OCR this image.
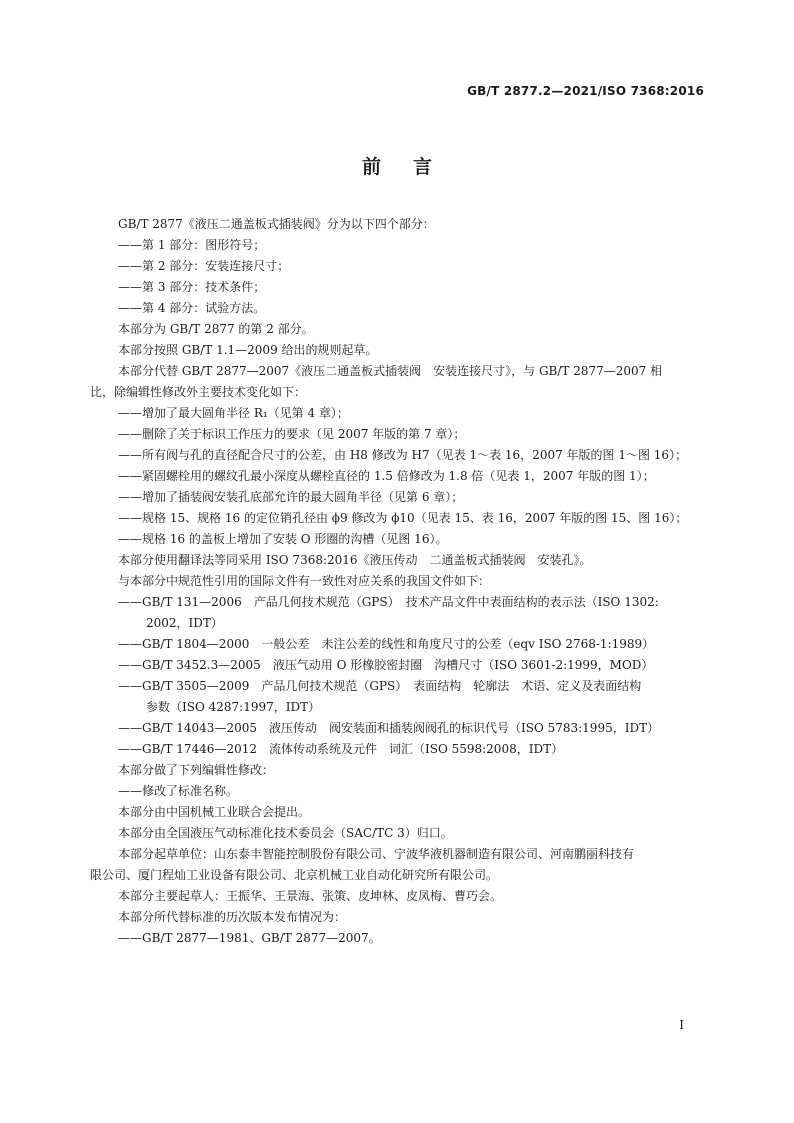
GB/T 2877.2—2021/ISO 7368:2016
前 言
GB/T 2877《液压二通盖板式插装阀》分为以下四个部分：
——第 1 部分：图形符号；
——第 2 部分：安装连接尺寸；
——第 3 部分：技术条件；
——第 4 部分：试验方法。
本部分为 GB/T 2877 的第 2 部分。
本部分按照 GB/T 1.1—2009 给出的规则起草。
本部分代替 GB/T 2877—2007《液压二通盖板式插装阀　安装连接尺寸》，与 GB/T 2877—2007 相
比，除编辑性修改外主要技术变化如下：
——增加了最大圆角半径 R₁（见第 4 章）；
——删除了关于标识工作压力的要求（见 2007 年版的第 7 章）；
——所有阀与孔的直径配合尺寸的公差，由 H8 修改为 H7（见表 1～表 16，2007 年版的图 1～图 16）；
——紧固螺栓用的螺纹孔最小深度从螺栓直径的 1.5 倍修改为 1.8 倍（见表 1，2007 年版的图 1）；
——增加了插装阀安装孔底部允许的最大圆角半径（见第 6 章）；
——规格 15、规格 16 的定位销孔径由 ϕ9 修改为 ϕ10（见表 15、表 16，2007 年版的图 15、图 16）；
——规格 16 的盖板上增加了安装 O 形圈的沟槽（见图 16）。
本部分使用翻译法等同采用 ISO 7368:2016《液压传动　二通盖板式插装阀　安装孔》。
与本部分中规范性引用的国际文件有一致性对应关系的我国文件如下：
——GB/T 131—2006　产品几何技术规范（GPS）　技术产品文件中表面结构的表示法（ISO 1302:
2002，IDT）
——GB/T 1804—2000　一般公差　未注公差的线性和角度尺寸的公差（eqv ISO 2768-1:1989）
——GB/T 3452.3—2005　液压气动用 O 形橡胶密封圈　沟槽尺寸（ISO 3601-2:1999，MOD）
——GB/T 3505—2009　产品几何技术规范（GPS）　表面结构　轮廓法　术语、定义及表面结构
参数（ISO 4287:1997，IDT）
——GB/T 14043—2005　液压传动　阀安装面和插装阀阀孔的标识代号（ISO 5783:1995，IDT）
——GB/T 17446—2012　流体传动系统及元件　词汇（ISO 5598:2008，IDT）
本部分做了下列编辑性修改：
——修改了标准名称。
本部分由中国机械工业联合会提出。
本部分由全国液压气动标准化技术委员会（SAC/TC 3）归口。
本部分起草单位：山东泰丰智能控制股份有限公司、宁波华液机器制造有限公司、河南鹏丽科技有
限公司、厦门程灿工业设备有限公司、北京机械工业自动化研究所有限公司。
本部分主要起草人：王振华、王景海、张策、皮坤林、皮凤梅、曹巧会。
本部分所代替标准的历次版本发布情况为：
——GB/T 2877—1981、GB/T 2877—2007。
I
